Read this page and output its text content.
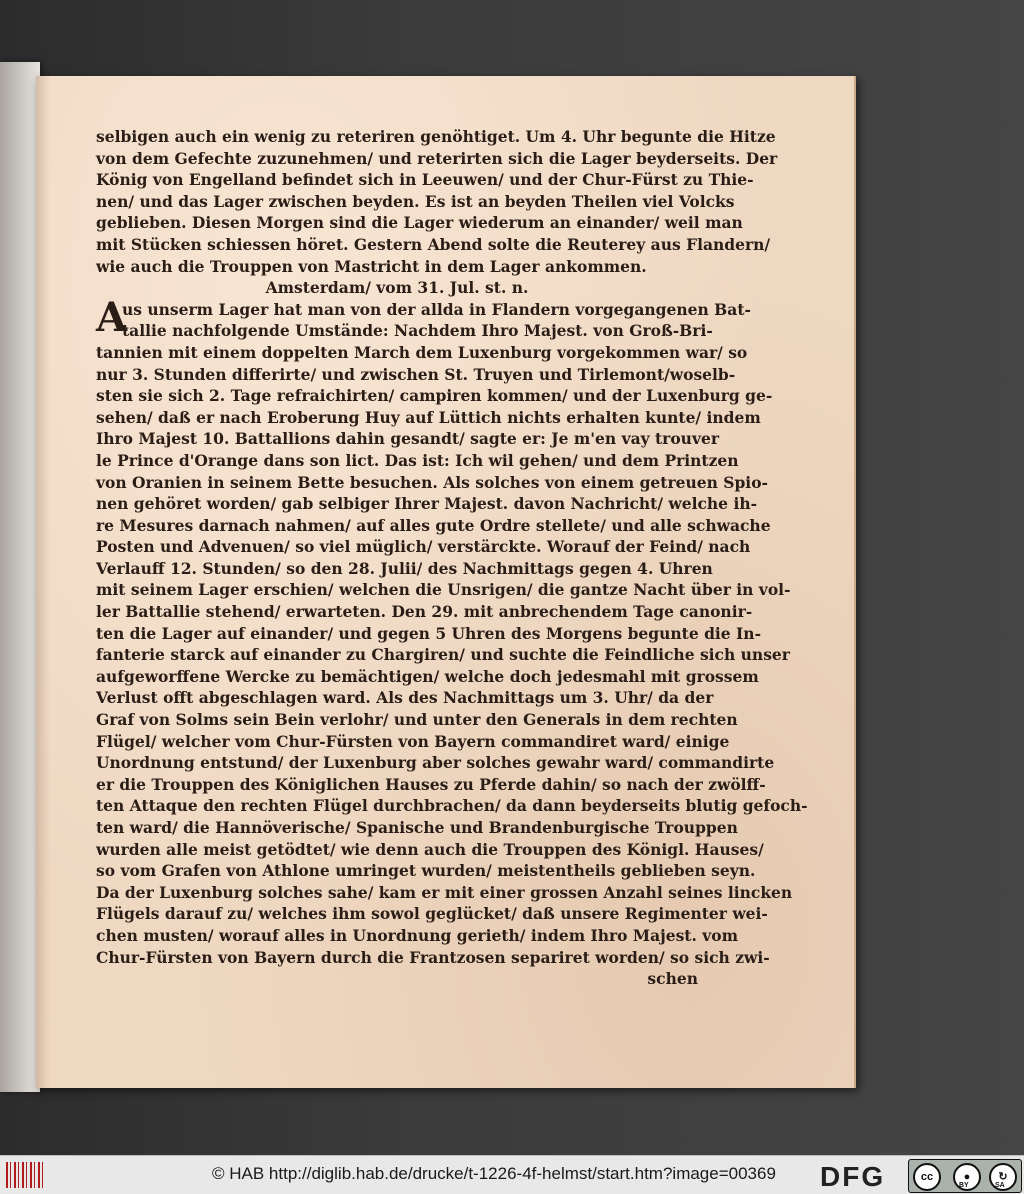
selbigen auch ein wenig zu reteriren genöhtiget. Um 4. Uhr begunte die Hitze
von dem Gefechte zuzunehmen/ und reterirten sich die Lager beyderseits. Der
König von Engelland befindet sich in Leeuwen/ und der Chur-Fürst zu Thie-
nen/ und das Lager zwischen beyden. Es ist an beyden Theilen viel Volcks
geblieben. Diesen Morgen sind die Lager wiederum an einander/ weil man
mit Stücken schiessen höret. Gestern Abend solte die Reuterey aus Flandern/
wie auch die Trouppen von Mastricht in dem Lager ankommen.
Amsterdam/ vom 31. Jul. st. n.
A
us unserm Lager hat man von der allda in Flandern vorgegangenen Bat-
tallie nachfolgende Umstände: Nachdem Ihro Majest. von Groß-Bri-
tannien mit einem doppelten March dem Luxenburg vorgekommen war/ so
nur 3. Stunden differirte/ und zwischen St. Truyen und Tirlemont/woselb-
sten sie sich 2. Tage refraichirten/ campiren kommen/ und der Luxenburg ge-
sehen/ daß er nach Eroberung Huy auf Lüttich nichts erhalten kunte/ indem
Ihro Majest 10. Battallions dahin gesandt/ sagte er: Je m'en vay trouver
le Prince d'Orange dans son lict. Das ist: Ich wil gehen/ und dem Printzen
von Oranien in seinem Bette besuchen. Als solches von einem getreuen Spio-
nen gehöret worden/ gab selbiger Ihrer Majest. davon Nachricht/ welche ih-
re Mesures darnach nahmen/ auf alles gute Ordre stellete/ und alle schwache
Posten und Advenuen/ so viel müglich/ verstärckte. Worauf der Feind/ nach
Verlauff 12. Stunden/ so den 28. Julii/ des Nachmittags gegen 4. Uhren
mit seinem Lager erschien/ welchen die Unsrigen/ die gantze Nacht über in vol-
ler Battallie stehend/ erwarteten. Den 29. mit anbrechendem Tage canonir-
ten die Lager auf einander/ und gegen 5 Uhren des Morgens begunte die In-
fanterie starck auf einander zu Chargiren/ und suchte die Feindliche sich unser
aufgeworffene Wercke zu bemächtigen/ welche doch jedesmahl mit grossem
Verlust offt abgeschlagen ward. Als des Nachmittags um 3. Uhr/ da der
Graf von Solms sein Bein verlohr/ und unter den Generals in dem rechten
Flügel/ welcher vom Chur-Fürsten von Bayern commandiret ward/ einige
Unordnung entstund/ der Luxenburg aber solches gewahr ward/ commandirte
er die Trouppen des Königlichen Hauses zu Pferde dahin/ so nach der zwölff-
ten Attaque den rechten Flügel durchbrachen/ da dann beyderseits blutig gefoch-
ten ward/ die Hannöverische/ Spanische und Brandenburgische Trouppen
wurden alle meist getödtet/ wie denn auch die Trouppen des Königl. Hauses/
so vom Grafen von Athlone umringet wurden/ meistentheils geblieben seyn.
Da der Luxenburg solches sahe/ kam er mit einer grossen Anzahl seines lincken
Flügels darauf zu/ welches ihm sowol geglücket/ daß unsere Regimenter wei-
chen musten/ worauf alles in Unordnung gerieth/ indem Ihro Majest. vom
Chur-Fürsten von Bayern durch die Frantzosen separiret worden/ so sich zwi-
schen
© HAB http://diglib.hab.de/drucke/t-1226-4f-helmst/start.htm?image=00369 DFG	cc	●
BY
↻
SA
